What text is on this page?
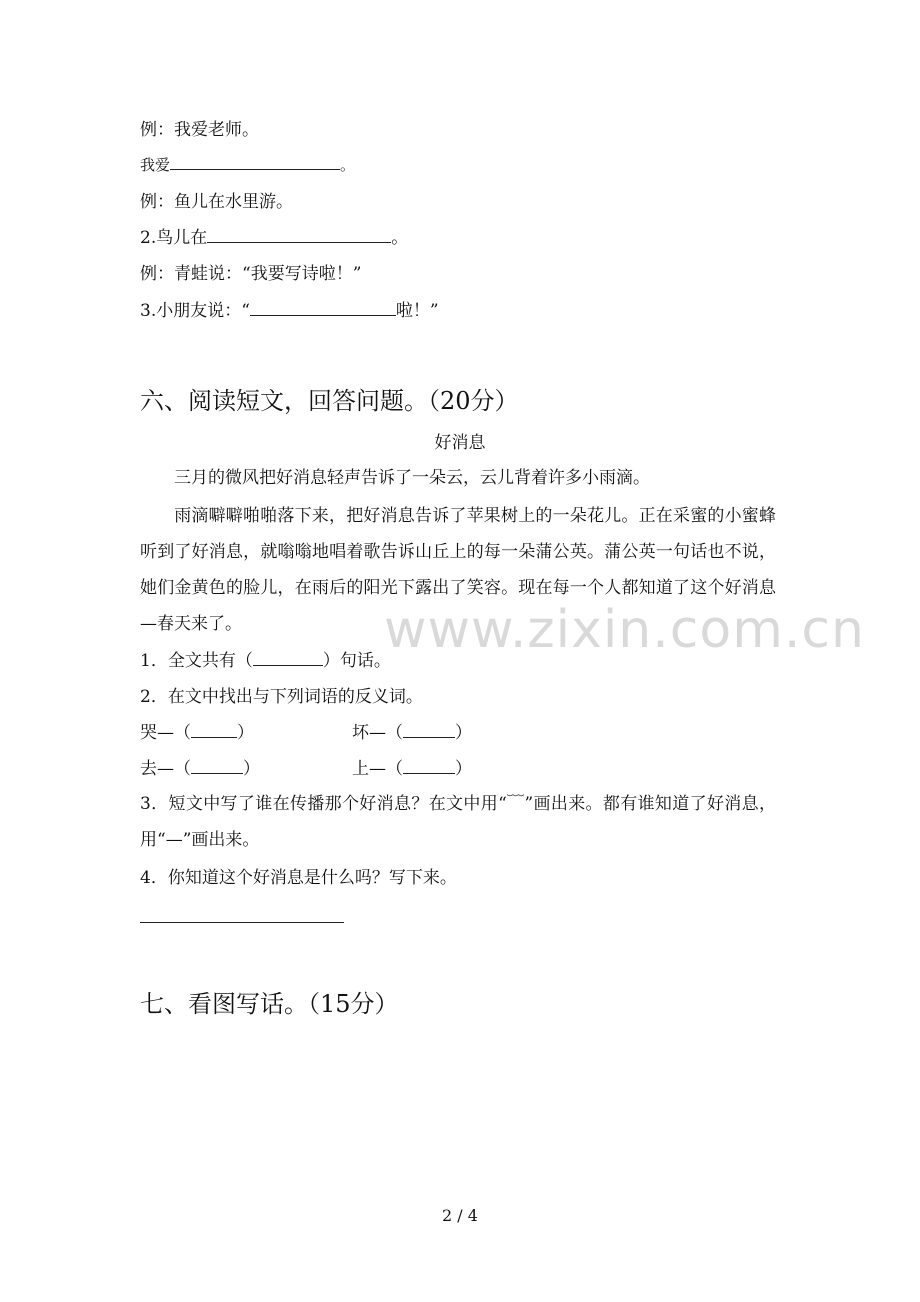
例：我爱老师。
我爱	。
例：鱼儿在水里游。
2.鸟儿在	。
例：青蛙说：“我要写诗啦！”
3.小朋友说：“	啦！”
六、阅读短文，回答问题。（20分）
好消息
三月的微风把好消息轻声告诉了一朵云，云儿背着许多小雨滴。
雨滴噼噼啪啪落下来，把好消息告诉了苹果树上的一朵花儿。正在采蜜的小蜜蜂听到了好消息，就嗡嗡地唱着歌告诉山丘上的每一朵蒲公英。蒲公英一句话也不说，她们金黄色的脸儿，在雨后的阳光下露出了笑容。现在每一个人都知道了这个好消息—春天来了。	www.zixin.com.cn
1．全文共有（	）句话。
2．在文中找出与下列词语的反义词。
哭—（	）	坏—（	）
去—（	）	上—（	）
3．短文中写了谁在传播那个好消息？在文中用“﹋”画出来。都有谁知道了好消息，用“—”画出来。
4．你知道这个好消息是什么吗？写下来。
七、看图写话。（15分）
2 / 4
